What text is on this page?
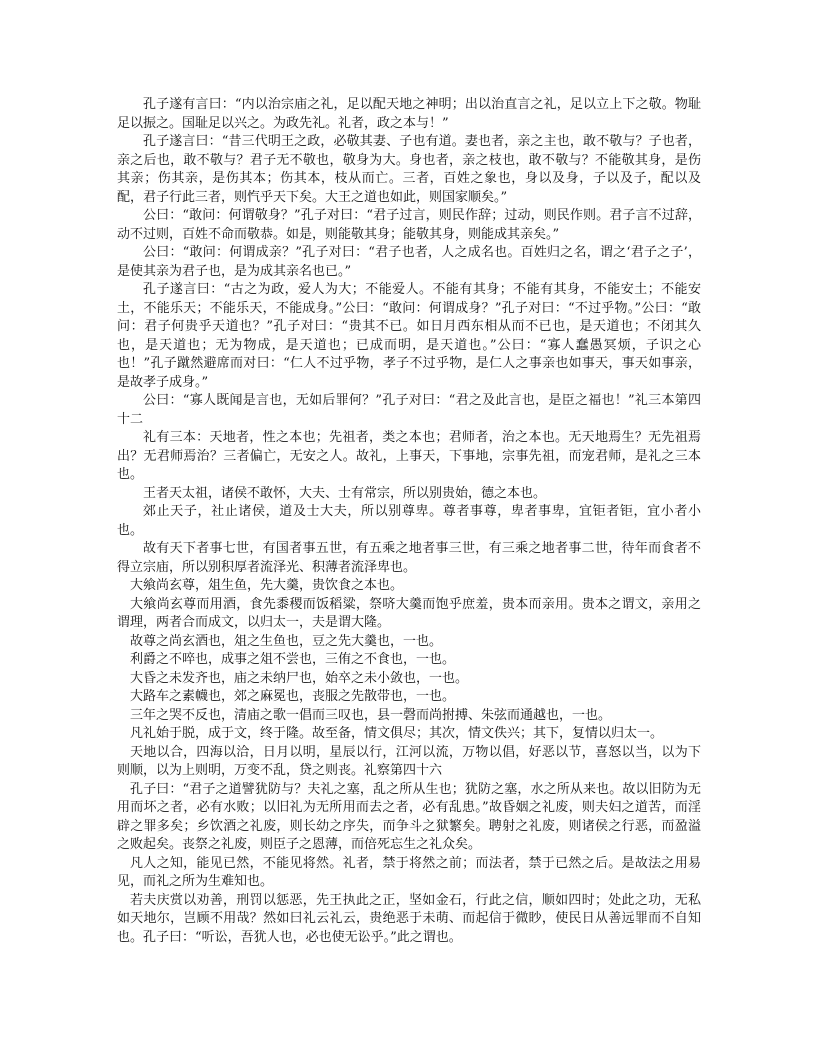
孔子遂有言曰：“内以治宗庙之礼，足以配天地之神明；出以治直言之礼，足以立上下之敬。物耻足以振之。国耻足以兴之。为政先礼。礼者，政之本与！”

孔子遂言曰：“昔三代明王之政，必敬其妻、子也有道。妻也者，亲之主也，敢不敬与？子也者，亲之后也，敢不敬与？君子无不敬也，敬身为大。身也者，亲之枝也，敢不敬与？不能敬其身，是伤其亲；伤其亲，是伤其本；伤其本，枝从而亡。三者，百姓之象也，身以及身，子以及子，配以及配，君子行此三者，则忾乎天下矣。大王之道也如此，则国家顺矣。”

公曰：“敢问：何谓敬身？”孔子对曰：“君子过言，则民作辞；过动，则民作则。君子言不过辞，动不过则，百姓不命而敬恭。如是，则能敬其身；能敬其身，则能成其亲矣。”

公曰：“敢问：何谓成亲？”孔子对曰：“君子也者，人之成名也。百姓归之名，谓之‘君子之子’，是使其亲为君子也，是为成其亲名也已。”

孔子遂言曰：“古之为政，爱人为大；不能爱人。不能有其身；不能有其身，不能安土；不能安土，不能乐天；不能乐天，不能成身。”公曰：“敢问：何谓成身？”孔子对曰：“不过乎物。”公曰：“敢问：君子何贵乎天道也？”孔子对曰：“贵其不已。如日月西东相从而不已也，是天道也；不闭其久也，是天道也；无为物成，是天道也；已成而明，是天道也。”公曰：“寡人蠢愚冥烦，子识之心也！”孔子蹴然避席而对曰：“仁人不过乎物，孝子不过乎物，是仁人之事亲也如事天，事天如事亲，是故孝子成身。”

公曰：“寡人既闻是言也，无如后罪何？”孔子对曰：“君之及此言也，是臣之福也！”礼三本第四十二

礼有三本：天地者，性之本也；先祖者，类之本也；君师者，治之本也。无天地焉生？无先祖焉出？无君师焉治？三者偏亡，无安之人。故礼，上事天，下事地，宗事先祖，而宠君师，是礼之三本也。

王者天太祖，诸侯不敢怀，大夫、士有常宗，所以别贵始，德之本也。

郊止天子，社止诸侯，道及士大夫，所以别尊卑。尊者事尊，卑者事卑，宜钜者钜，宜小者小也。

故有天下者事七世，有国者事五世，有五乘之地者事三世，有三乘之地者事二世，待年而食者不得立宗庙，所以别积厚者流泽光、积薄者流泽卑也。

大飨尚玄尊，俎生鱼，先大羹，贵饮食之本也。

大飨尚玄尊而用酒，食先黍稷而饭稻粱，祭哜大羹而饱乎庶羞，贵本而亲用。贵本之谓文，亲用之谓理，两者合而成文，以归太一，夫是谓大隆。

故尊之尚玄酒也，俎之生鱼也，豆之先大羹也，一也。

利爵之不啐也，成事之俎不尝也，三侑之不食也，一也。

大昏之未发齐也，庙之未纳尸也，始卒之未小敛也，一也。

大路车之素幭也，郊之麻冕也，丧服之先散带也，一也。

三年之哭不反也，清庙之歌一倡而三叹也，县一磬而尚拊搏、朱弦而通越也，一也。

凡礼始于脱，成于文，终于隆。故至备，情文俱尽；其次，情文佚兴；其下，复情以归太一。

天地以合，四海以洽，日月以明，星辰以行，江河以流，万物以倡，好恶以节，喜怒以当，以为下则顺，以为上则明，万变不乱，贷之则丧。礼察第四十六

孔子曰：“君子之道譬犹防与？夫礼之塞，乱之所从生也；犹防之塞，水之所从来也。故以旧防为无用而坏之者，必有水败；以旧礼为无所用而去之者，必有乱患。”故昏姻之礼废，则夫妇之道苦，而淫辟之罪多矣；乡饮酒之礼废，则长幼之序失，而争斗之狱繁矣。聘射之礼废，则诸侯之行恶，而盈溢之败起矣。丧祭之礼废，则臣子之恩薄，而倍死忘生之礼众矣。

凡人之知，能见已然，不能见将然。礼者，禁于将然之前；而法者，禁于已然之后。是故法之用易见，而礼之所为生难知也。

若夫庆赏以劝善，刑罚以惩恶，先王执此之正，坚如金石，行此之信，顺如四时；处此之功，无私如天地尔，岂顾不用哉？然如曰礼云礼云，贵绝恶于未萌、而起信于微眇，使民日从善远罪而不自知也。孔子曰：“听讼，吾犹人也，必也使无讼乎。”此之谓也。
